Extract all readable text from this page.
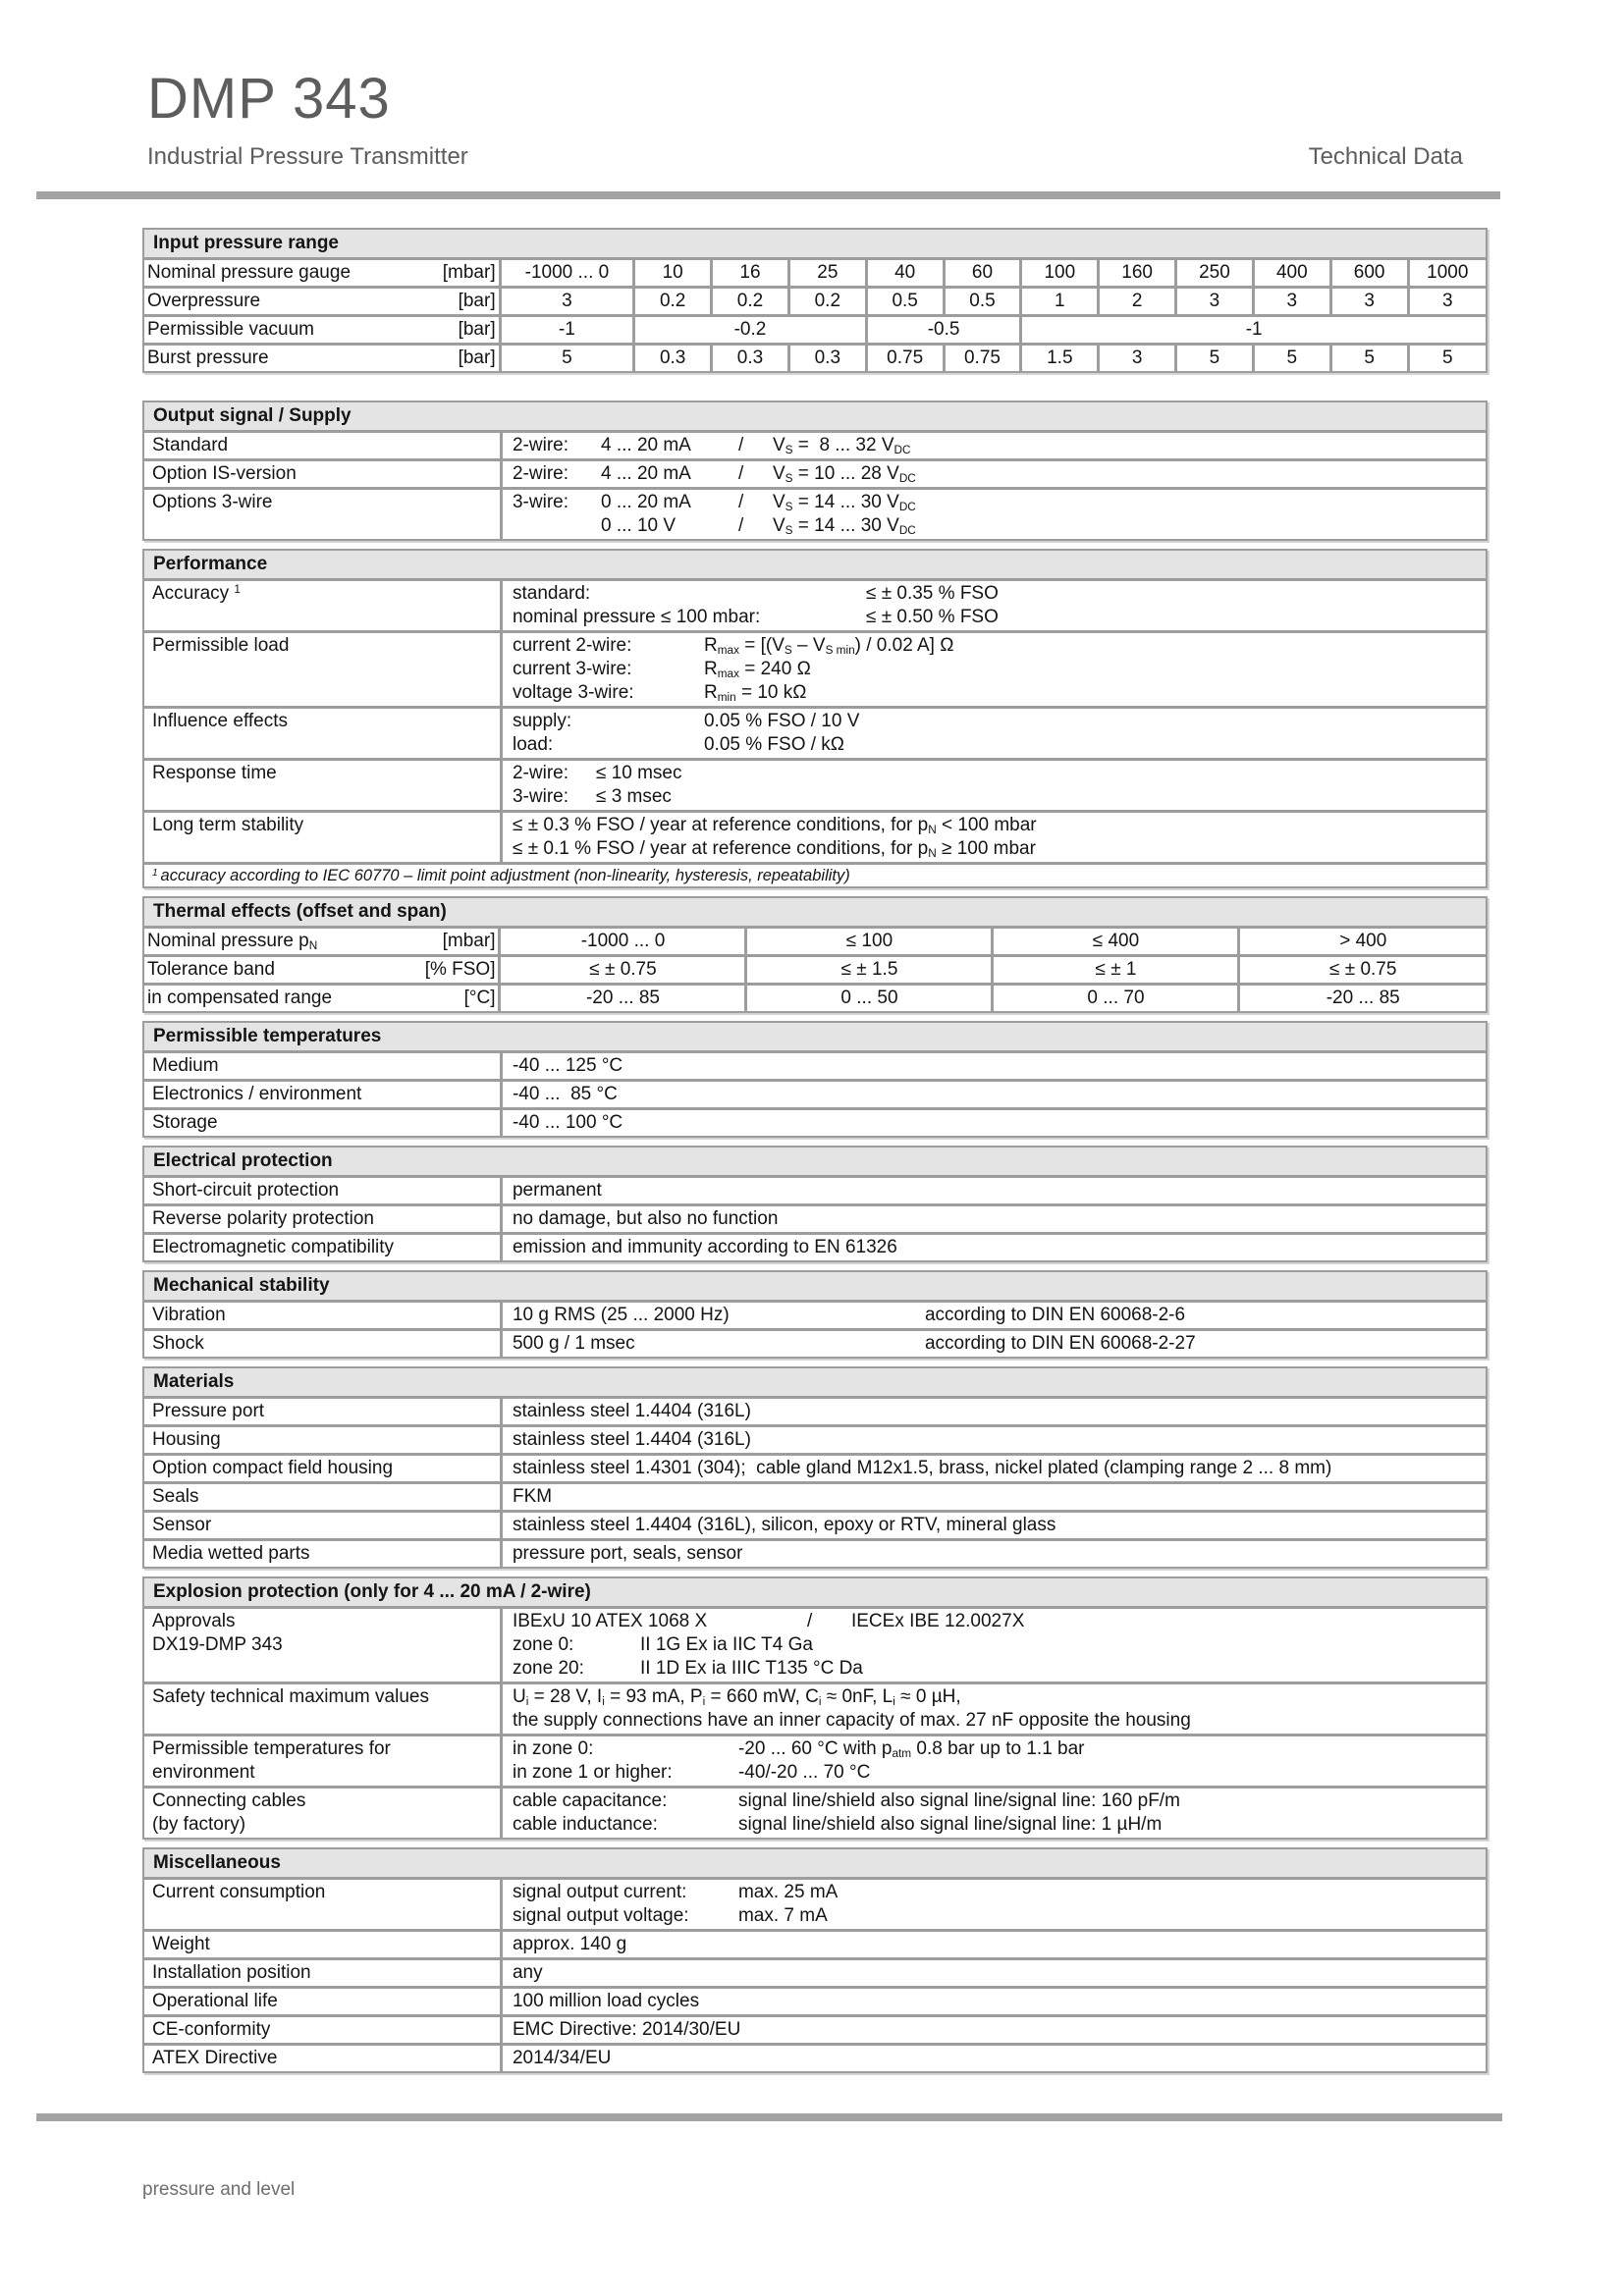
DMP 343
Industrial Pressure Transmitter	Technical Data
Input pressure range
Nominal pressure gauge [mbar]	-1000 ... 0	10	16	25	40	60	100	160	250	400	600	1000

Overpressure [bar]	3	0.2	0.2	0.2	0.5	0.5	1	2	3	3	3	3

Permissible vacuum [bar]	-1	-0.2			-0.5		-1					

Burst pressure [bar]	5	0.3	0.3	0.3	0.75	0.75	1.5	3	5	5	5	5
Output signal / Supply
Standard	2-wire: 4 ... 20 mA	/ $V_S = 8$ ... 32 $V_{DC}$
Option IS-version	2-wire: 4 ... 20 mA	/ $V_S = 10$ ... 28 $V_{DC}$
Options 3-wire	3-wire: 0 ... 20 mA	/ $V_S = 14$ ... 30 $V_{DC}$
0 ... 10 V	/ $V_S = 14$ ... 30 $V_{DC}$
Performance
Accuracy $^1$	standard:	≤ ± 0.35 % FSO
nominal pressure ≤ 100 mbar:	≤ ± 0.50 % FSO
Permissible load	current 2-wire:	$R_{max} = [(V_S - V_{S min}) / 0.02$ A] Ω
current 3-wire:	$R_{max} = 240$ Ω
voltage 3-wire:	$R_{min} = 10$ kΩ
Influence effects	supply:	0.05 % FSO / 10 V
load:	0.05 % FSO / kΩ
Response time	2-wire: ≤ 10 msec
3-wire: ≤ 3 msec
Long term stability	≤ ± 0.3 % FSO / year at reference conditions, for $p_N < 100$ mbar
≤ ± 0.1 % FSO / year at reference conditions, for $p_N \ge 100$ mbar
$^1$ accuracy according to IEC 60770 – limit point adjustment (non-linearity, hysteresis, repeatability)
Thermal effects (offset and span)
Nominal pressure $p_N$ [mbar]	-1000 ... 0	≤ 100	≤ 400	> 400

Tolerance band [% FSO]	≤ ± 0.75	≤ ± 1.5	≤ ± 1	≤ ± 0.75

in compensated range [°C]	-20 ... 85	0 ... 50	0 ... 70	-20 ... 85
Permissible temperatures
Medium	-40 ... 125 °C
Electronics / environment	-40 ...  85 °C
Storage	-40 ... 100 °C
Electrical protection
Short-circuit protection	permanent
Reverse polarity protection	no damage, but also no function
Electromagnetic compatibility	emission and immunity according to EN 61326
Mechanical stability
Vibration	10 g RMS (25 ... 2000 Hz)	according to DIN EN 60068-2-6
Shock	500 g / 1 msec	according to DIN EN 60068-2-27
Materials
Pressure port	stainless steel 1.4404 (316L)
Housing	stainless steel 1.4404 (316L)
Option compact field housing	stainless steel 1.4301 (304);  cable gland M12x1.5, brass, nickel plated (clamping range 2 ... 8 mm)
Seals	FKM
Sensor	stainless steel 1.4404 (316L), silicon, epoxy or RTV, mineral glass
Media wetted parts	pressure port, seals, sensor
Explosion protection (only for 4 ... 20 mA / 2-wire)
Approvals
DX19-DMP 343
IBExU 10 ATEX 1068 X	/ IECEx IBE 12.0027X
zone 0:	II 1G Ex ia IIC T4 Ga
zone 20:	II 1D Ex ia IIIC T135 °C Da
Safety technical maximum values	$U_i = 28$ V, $I_i = 93$ mA, $P_i = 660$ mW, $C_i \approx 0nF$, $L_i \approx 0$ µH,
the supply connections have an inner capacity of max. 27 nF opposite the housing
Permissible temperatures for
environment
in zone 0:	-20 ... 60 °C with $p_{atm}$ 0.8 bar up to 1.1 bar
in zone 1 or higher:	-40/-20 ... 70 °C
Connecting cables
(by factory)
cable capacitance:	signal line/shield also signal line/signal line: 160 pF/m
cable inductance:	signal line/shield also signal line/signal line: 1 µH/m
Miscellaneous
Current consumption	signal output current:	max. 25 mA
signal output voltage:	max. 7 mA
Weight	approx. 140 g
Installation position	any
Operational life	100 million load cycles
CE-conformity	EMC Directive: 2014/30/EU
ATEX Directive	2014/34/EU
pressure and level
